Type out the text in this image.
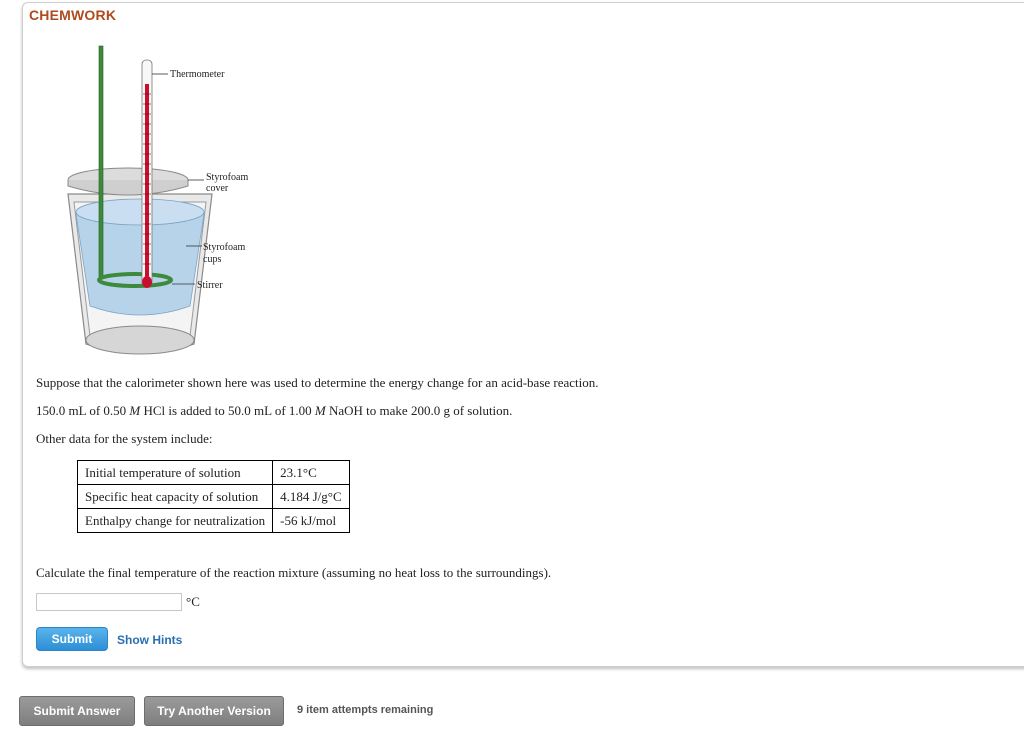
CHEMWORK
Thermometer
Styrofoam
cover
Styrofoam
cups
Stirrer
Suppose that the calorimeter shown here was used to determine the energy change for an acid-base reaction.
150.0 mL of 0.50 M HCl is added to 50.0 mL of 1.00 M NaOH to make 200.0 g of solution.
Other data for the system include:
Initial temperature of solution	23.1°C
Specific heat capacity of solution	4.184 J/g°C
Enthalpy change for neutralization	-56 kJ/mol
Calculate the final temperature of the reaction mixture (assuming no heat loss to the surroundings).
°C
Submit	Show Hints
Submit Answer	Try Another Version	9 item attempts remaining
